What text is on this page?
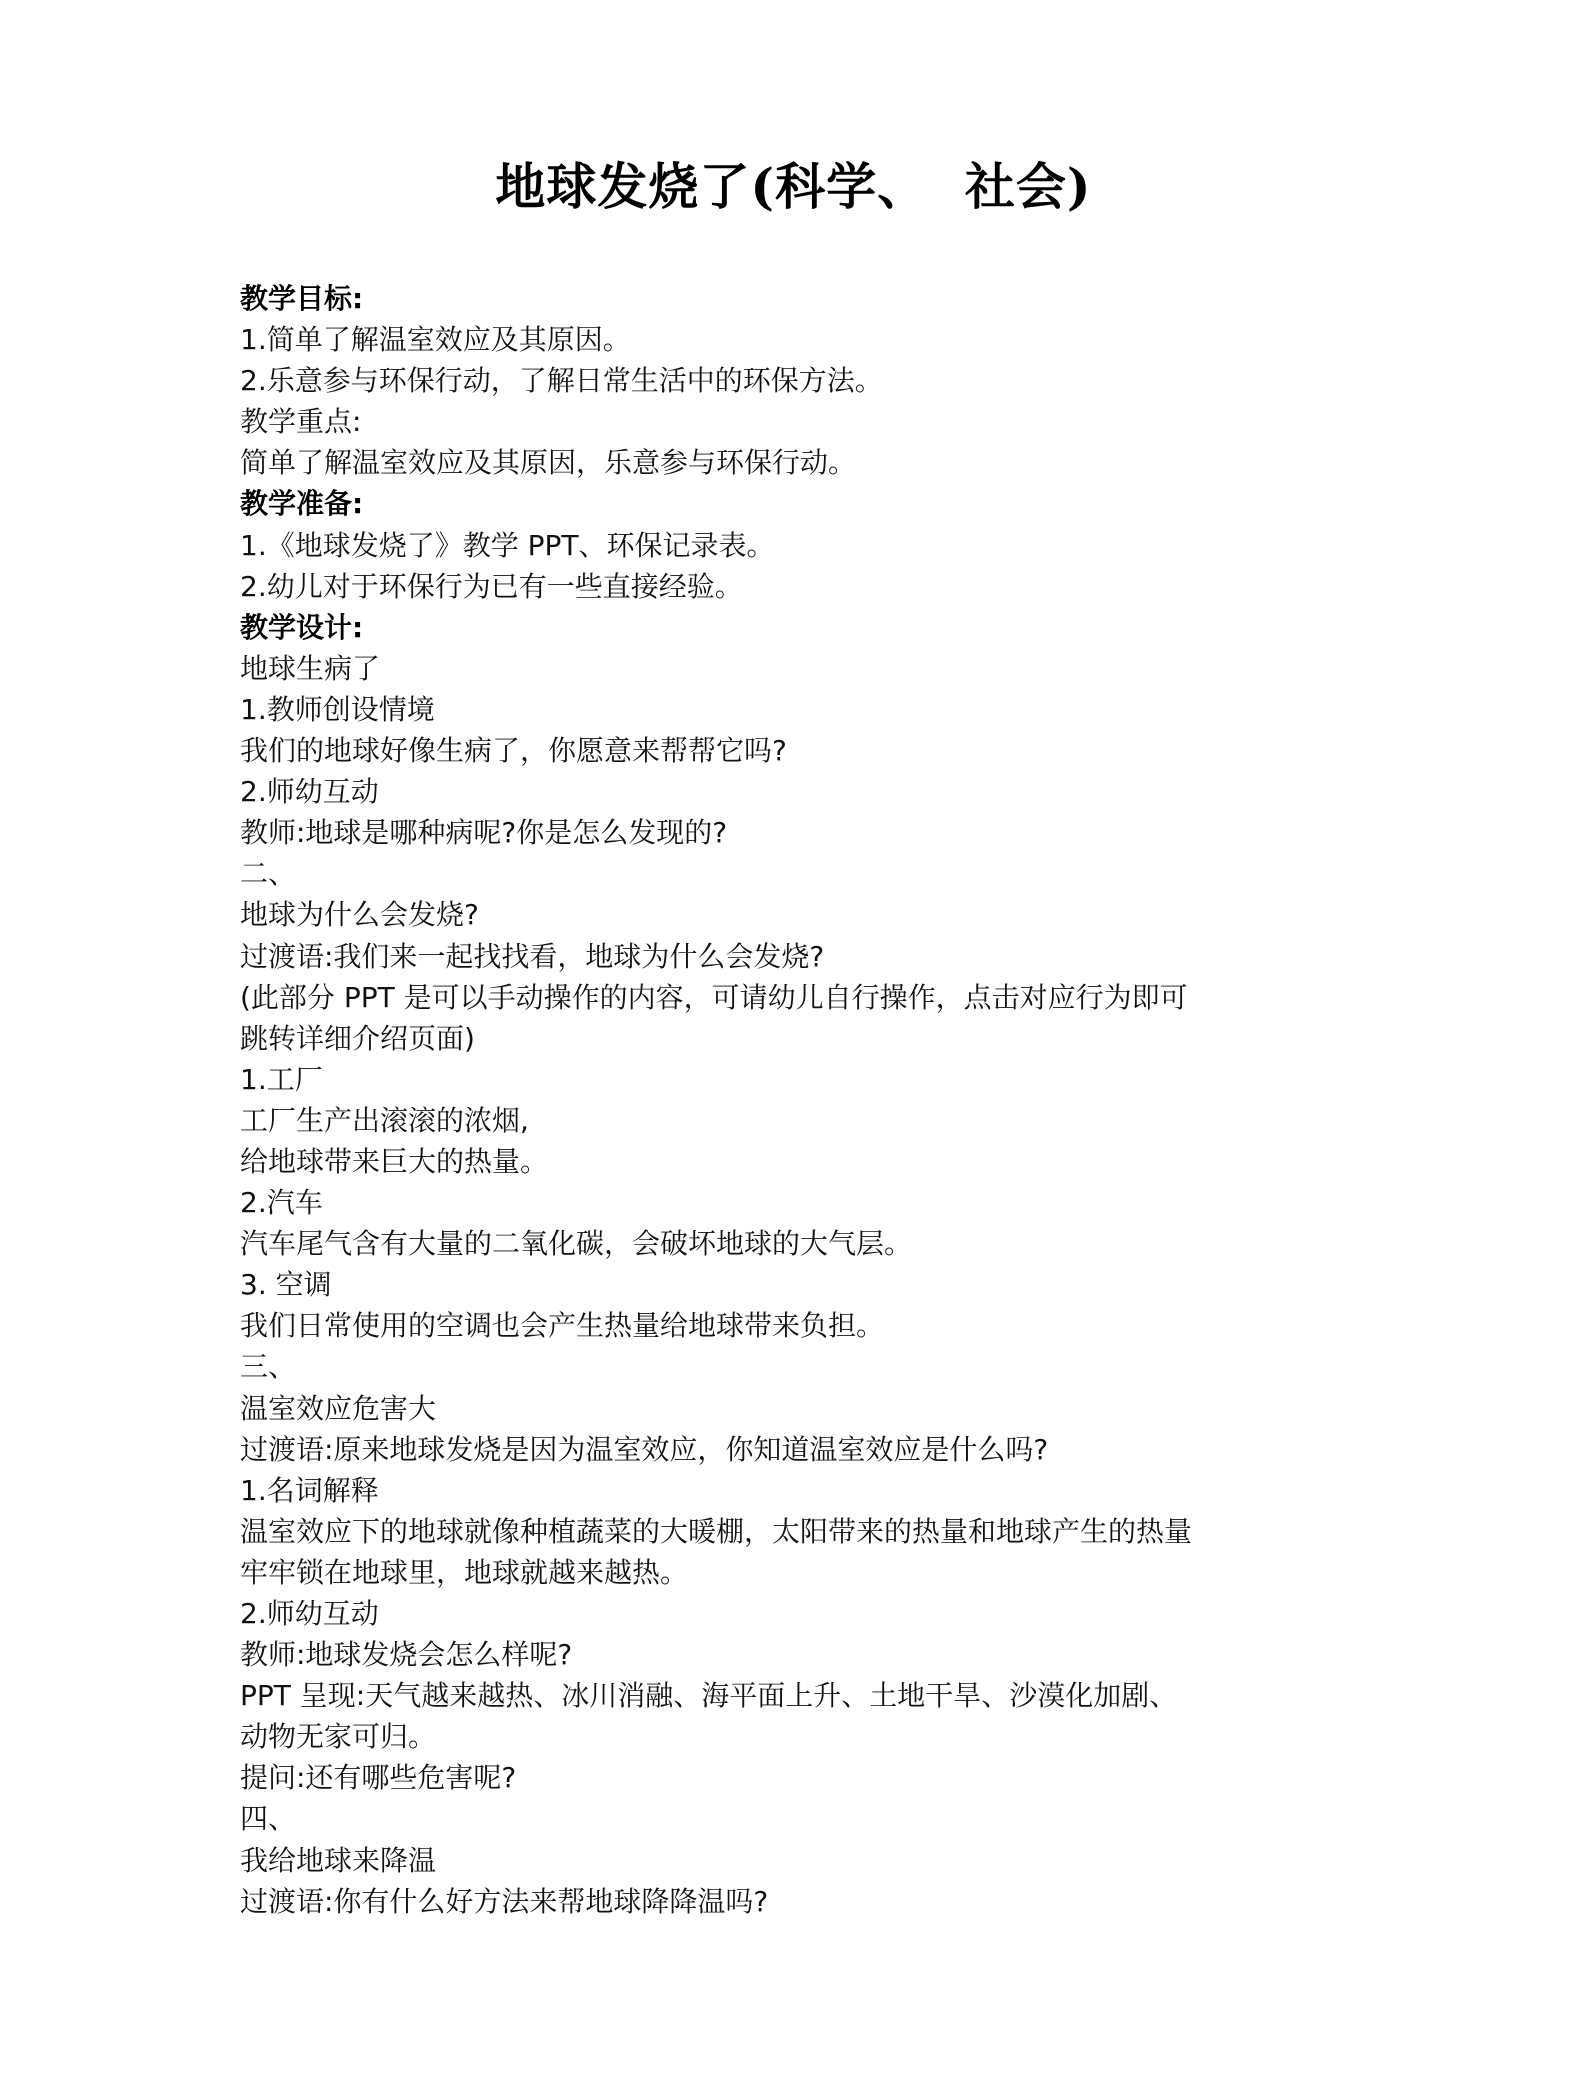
地球发烧了(科学、  社会)
教学目标:
1.简单了解温室效应及其原因。
2.乐意参与环保行动，了解日常生活中的环保方法。
教学重点:
简单了解温室效应及其原因，乐意参与环保行动。
教学准备:
1.《地球发烧了》教学 PPT、环保记录表。
2.幼儿对于环保行为已有一些直接经验。
教学设计:
地球生病了
1.教师创设情境
我们的地球好像生病了，你愿意来帮帮它吗?
2.师幼互动
教师:地球是哪种病呢?你是怎么发现的?
二、
地球为什么会发烧?
过渡语:我们来一起找找看，地球为什么会发烧?
(此部分 PPT 是可以手动操作的内容，可请幼儿自行操作，点击对应行为即可
跳转详细介绍页面)
1.工厂
工厂生产出滚滚的浓烟,
给地球带来巨大的热量。
2.汽车
汽车尾气含有大量的二氧化碳，会破坏地球的大气层。
3. 空调
我们日常使用的空调也会产生热量给地球带来负担。
三、
温室效应危害大
过渡语:原来地球发烧是因为温室效应，你知道温室效应是什么吗?
1.名词解释
温室效应下的地球就像种植蔬菜的大暖棚，太阳带来的热量和地球产生的热量
牢牢锁在地球里，地球就越来越热。
2.师幼互动
教师:地球发烧会怎么样呢?
PPT 呈现:天气越来越热、冰川消融、海平面上升、土地干旱、沙漠化加剧、
动物无家可归。
提问:还有哪些危害呢?
四、
我给地球来降温
过渡语:你有什么好方法来帮地球降降温吗?
